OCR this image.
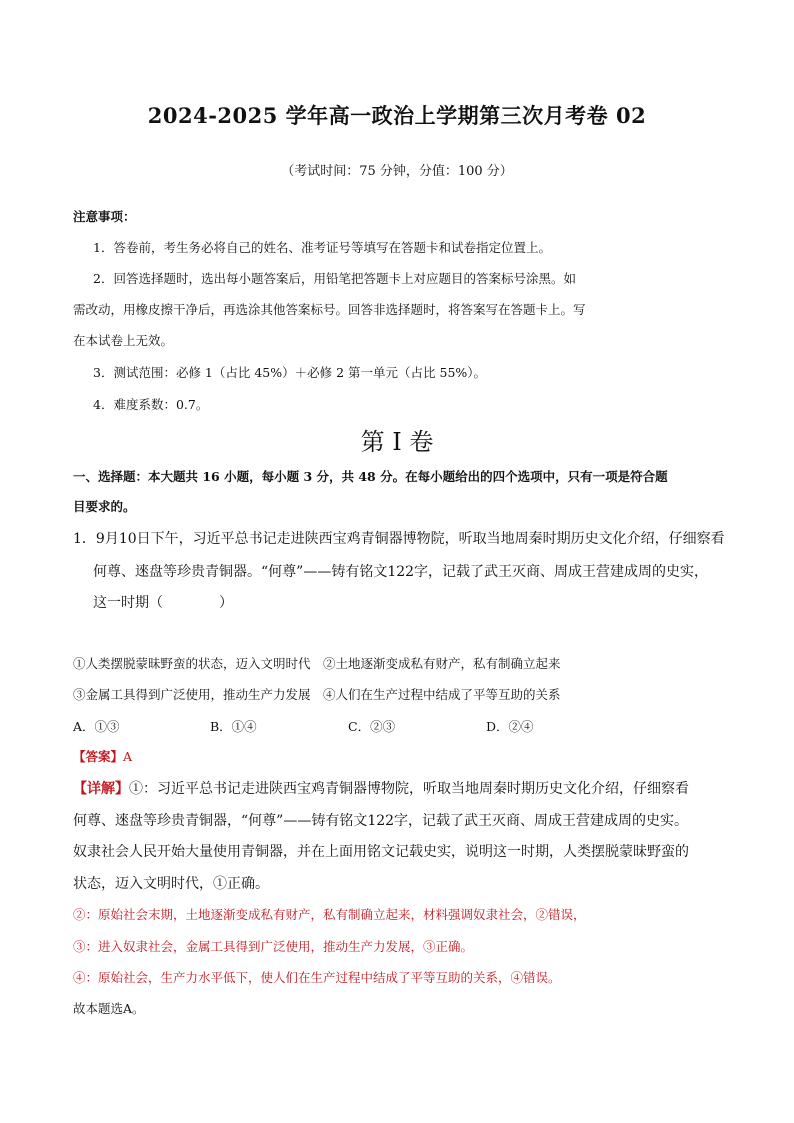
2024-2025 学年高一政治上学期第三次月考卷 02
（考试时间：75 分钟，分值：100 分）
注意事项：
1．答卷前，考生务必将自己的姓名、准考证号等填写在答题卡和试卷指定位置上。
2．回答选择题时，选出每小题答案后，用铅笔把答题卡上对应题目的答案标号涂黑。如
需改动，用橡皮擦干净后，再选涂其他答案标号。回答非选择题时，将答案写在答题卡上。写
在本试卷上无效。
3．测试范围：必修 1（占比 45%）＋必修 2 第一单元（占比 55%）。
4．难度系数：0.7。
第 I 卷
一、选择题：本大题共 16 小题，每小题 3 分，共 48 分。在每小题给出的四个选项中，只有一项是符合题
目要求的。
1．9月10日下午，习近平总书记走进陕西宝鸡青铜器博物院，听取当地周秦时期历史文化介绍，仔细察看
何尊、逨盘等珍贵青铜器。“何尊”——铸有铭文122字，记载了武王灭商、周成王营建成周的史实，
这一时期（　　　　）
①人类摆脱蒙昧野蛮的状态，迈入文明时代　②土地逐渐变成私有财产，私有制确立起来
③金属工具得到广泛使用，推动生产力发展　④人们在生产过程中结成了平等互助的关系
A．①③	B．①④	C．②③	D．②④
【答案】A
【详解】①：习近平总书记走进陕西宝鸡青铜器博物院，听取当地周秦时期历史文化介绍，仔细察看
何尊、逨盘等珍贵青铜器，“何尊”——铸有铭文122字，记载了武王灭商、周成王营建成周的史实。
奴隶社会人民开始大量使用青铜器，并在上面用铭文记载史实，说明这一时期，人类摆脱蒙昧野蛮的
状态，迈入文明时代，①正确。
②：原始社会末期，土地逐渐变成私有财产，私有制确立起来，材料强调奴隶社会，②错误，
③：进入奴隶社会，金属工具得到广泛使用，推动生产力发展，③正确。
④：原始社会，生产力水平低下，使人们在生产过程中结成了平等互助的关系，④错误。
故本题选A。
